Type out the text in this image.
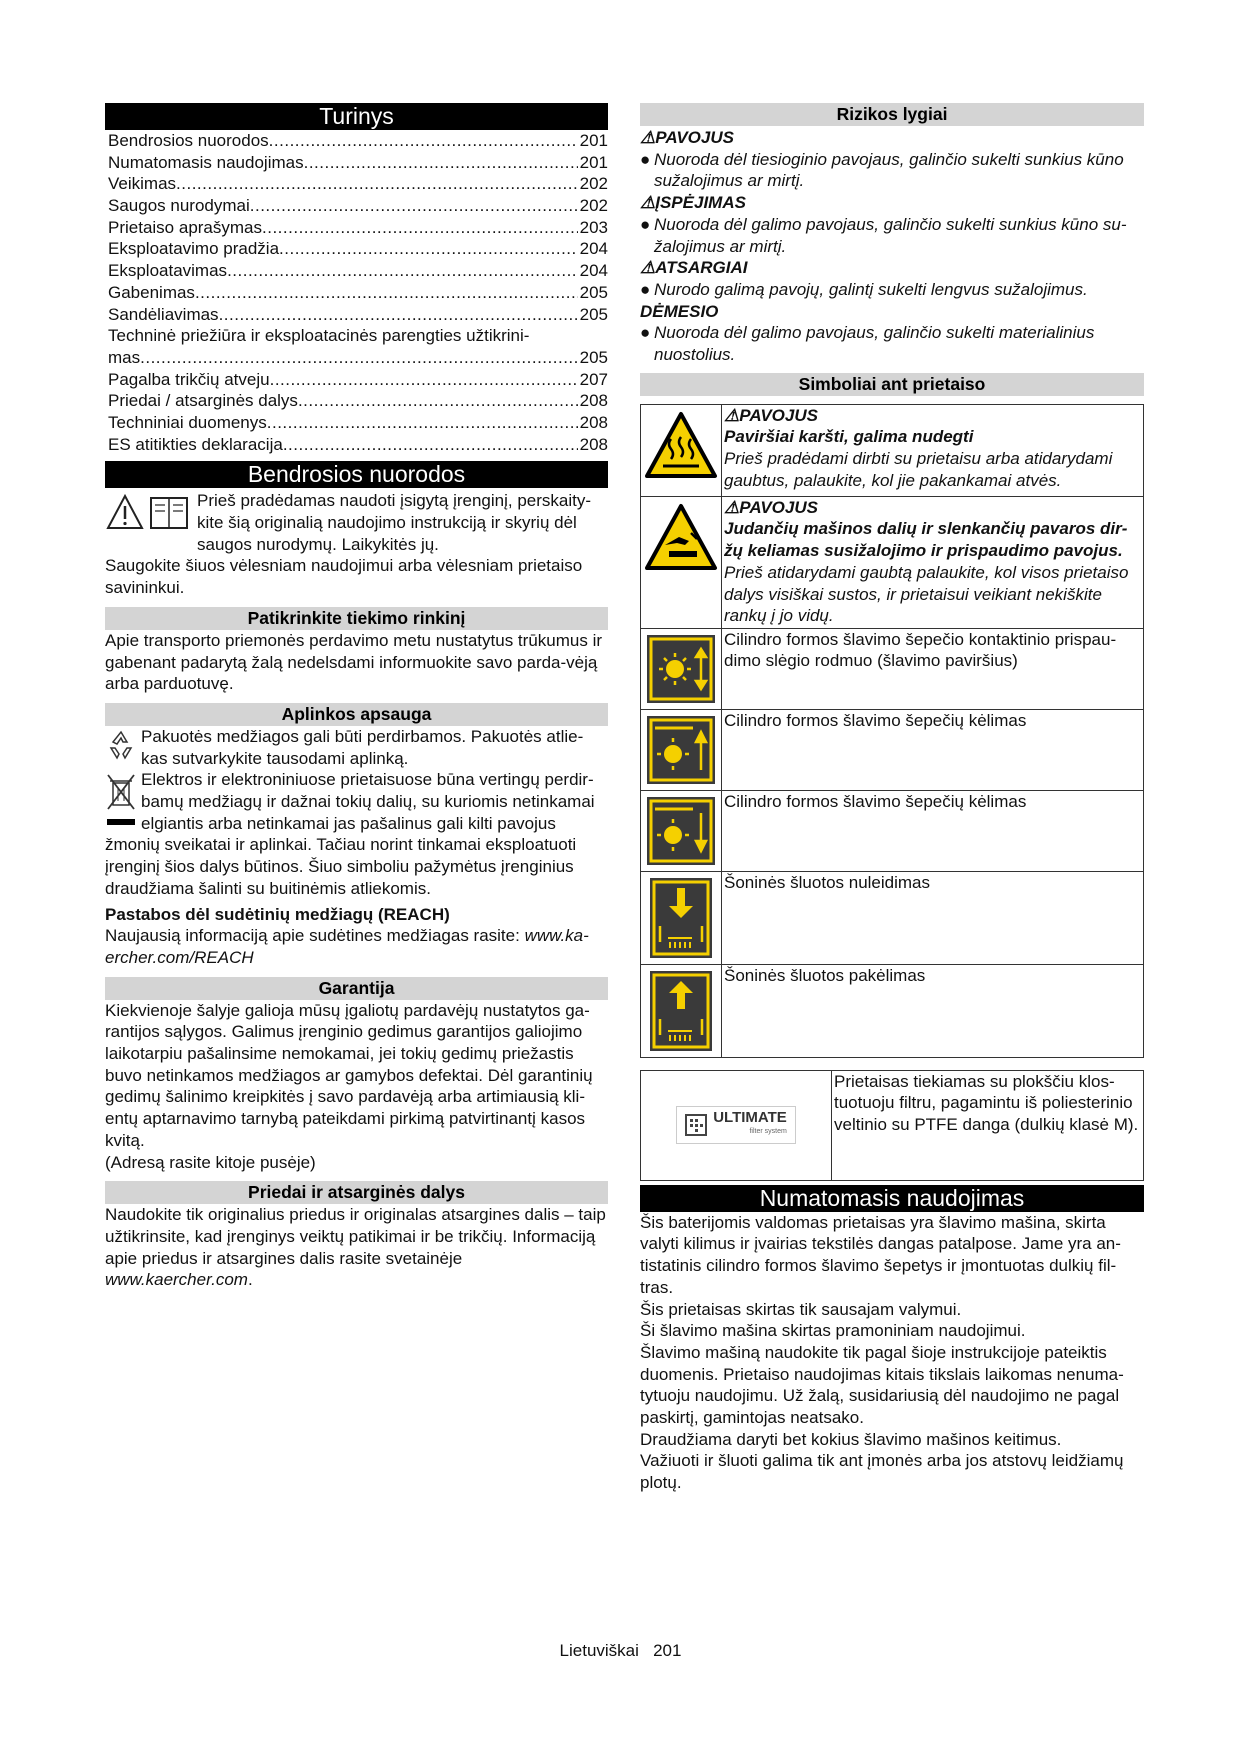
Turinys
Bendrosios nuorodos .....	201
Numatomasis naudojimas .....	201
Veikimas .....	202
Saugos nurodymai .....	202
Prietaiso aprašymas .....	203
Eksploatavimo pradžia .....	204
Eksploatavimas .....	204
Gabenimas .....	205
Sandėliavimas .....	205
Techninė priežiūra ir eksploatacinės parengties užtikrini-
mas .....	205
Pagalba trikčių atveju .....	207
Priedai / atsarginės dalys .....	208
Techniniai duomenys .....	208
ES atitikties deklaracija .....	208
Bendrosios nuorodos

Prieš pradėdamas naudoti įsigytą įrenginį, perskaity-

kite šią originalią naudojimo instrukciją ir skyrių dėl

saugos nurodymų. Laikykitės jų.

Saugokite šiuos vėlesniam naudojimui arba vėlesniam prietaiso savininkui.

Patikrinkite tiekimo rinkinį

Apie transporto priemonės perdavimo metu nustatytus trūkumus ir gabenant padarytą žalą nedelsdami informuokite savo parda-vėją arba parduotuvę.

Aplinkos apsauga

Pakuotės medžiagos gali būti perdirbamos. Pakuotės atlie-

kas sutvarkykite tausodami aplinką.

Elektros ir elektroniniuose prietaisuose būna vertingų perdir-

bamų medžiagų ir dažnai tokių dalių, su kuriomis netinkamai

elgiantis arba netinkamai jas pašalinus gali kilti pavojus

žmonių sveikatai ir aplinkai. Tačiau norint tinkamai eksploatuoti įrenginį šios dalys būtinos. Šiuo simboliu pažymėtus įrenginius draudžiama šalinti su buitinėmis atliekomis.

Pastabos dėl sudėtinių medžiagų (REACH)

Naujausią informaciją apie sudėtines medžiagas rasite: www.ka-ercher.com/REACH

Garantija

Kiekvienoje šalyje galioja mūsų įgaliotų pardavėjų nustatytos ga-rantijos sąlygos. Galimus įrenginio gedimus garantijos galiojimo laikotarpiu pašalinsime nemokamai, jei tokių gedimų priežastis buvo netinkamos medžiagos ar gamybos defektai. Dėl garantinių gedimų šalinimo kreipkitės į savo pardavėją arba artimiausią kli-entų aptarnavimo tarnybą pateikdami pirkimą patvirtinantį kasos kvitą.

(Adresą rasite kitoje pusėje)

Priedai ir atsarginės dalys

Naudokite tik originalius priedus ir originalas atsargines dalis – taip užtikrinsite, kad įrenginys veiktų patikimai ir be trikčių. Informaciją apie priedus ir atsargines dalis rasite svetainėje www.kaercher.com.

Rizikos lygiai

⚠PAVOJUS

● Nuoroda dėl tiesioginio pavojaus, galinčio sukelti sunkius kūno sužalojimus ar mirtį.

⚠ĮSPĖJIMAS

● Nuoroda dėl galimo pavojaus, galinčio sukelti sunkius kūno su-žalojimus ar mirtį.

⚠ATSARGIAI

● Nurodo galimą pavojų, galintį sukelti lengvus sužalojimus.

DĖMESIO

● Nuoroda dėl galimo pavojaus, galinčio sukelti materialinius nuostolius.
Simboliai ant prietaiso

⚠PAVOJUS

Paviršiai karšti, galima nudegti

Prieš pradėdami dirbti su prietaisu arba atidarydami gaubtus, palaukite, kol jie pakankamai atvės.

⚠PAVOJUS

Judančių mašinos dalių ir slenkančių pavaros dir-žų keliamas susižalojimo ir prispaudimo pavojus.

Prieš atidarydami gaubtą palaukite, kol visos prietaiso dalys visiškai sustos, ir prietaisui veikiant nekiškite rankų į jo vidų.

Cilindro formos šlavimo šepečio kontaktinio prispau-dimo slėgio rodmuo (šlavimo paviršius)

Cilindro formos šlavimo šepečių kėlimas

Cilindro formos šlavimo šepečių kėlimas

Šoninės šluotos nuleidimas

Šoninės šluotos pakėlimas

ULTIMATE
filter system

Prietaisas tiekiamas su plokščiu klos-tuotuoju filtru, pagamintu iš poliesterinio veltinio su PTFE danga (dulkių klasė M).

Numatomasis naudojimas

Šis baterijomis valdomas prietaisas yra šlavimo mašina, skirta valyti kilimus ir įvairias tekstilės dangas patalpose. Jame yra an-tistatinis cilindro formos šlavimo šepetys ir įmontuotas dulkių fil-tras.

Šis prietaisas skirtas tik sausajam valymui.

Ši šlavimo mašina skirtas pramoniniam naudojimui.

Šlavimo mašiną naudokite tik pagal šioje instrukcijoje pateiktis duomenis. Prietaiso naudojimas kitais tikslais laikomas nenuma-tytuoju naudojimu. Už žalą, susidariusią dėl naudojimo ne pagal paskirtį, gamintojas neatsako.

Draudžiama daryti bet kokius šlavimo mašinos keitimus.

Važiuoti ir šluoti galima tik ant įmonės arba jos atstovų leidžiamų plotų.

Lietuviškai 201
